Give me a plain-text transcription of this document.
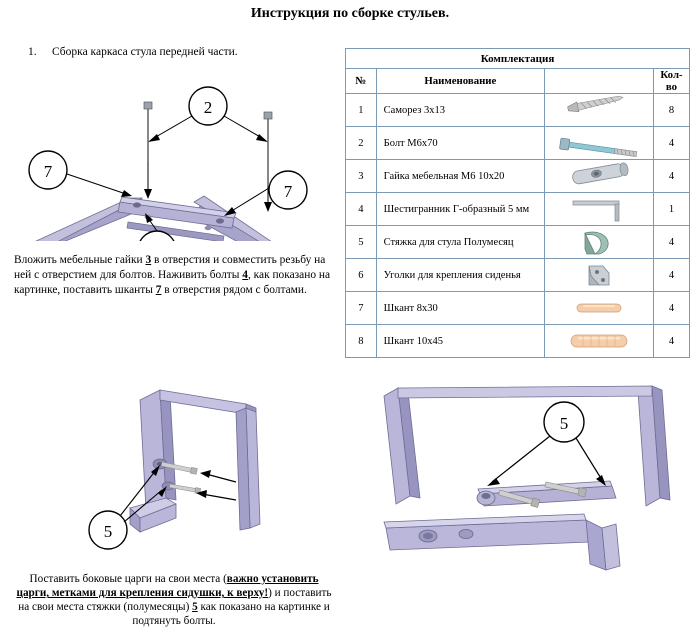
Инструкция по сборке стульев.
1. Сборка каркаса стула передней части.
2
7
7
Вложить мебельные гайки 3 в отверстия и совместить резьбу на ней с отверстием для болтов. Наживить болты 4, как показано на картинке, поставить шканты 7 в отверстия рядом с болтами.
Комплектация			
№	Наименование		Кол-во
1	Саморез 3х13		8
2	Болт М6х70		4
3	Гайка мебельная М6 10х20		4
4	Шестигранник Г-образный 5 мм		1
5	Стяжка для стула Полумесяц		4
6	Уголки для крепления сиденья		4
7	Шкант 8х30		4
8	Шкант 10х45		4
5
5
Поставить боковые царги на свои места (важно установить царги, метками для крепления сидушки, к верху!) и поставить на свои места стяжки (полумесяцы) 5 как показано на картинке и подтянуть болты.
